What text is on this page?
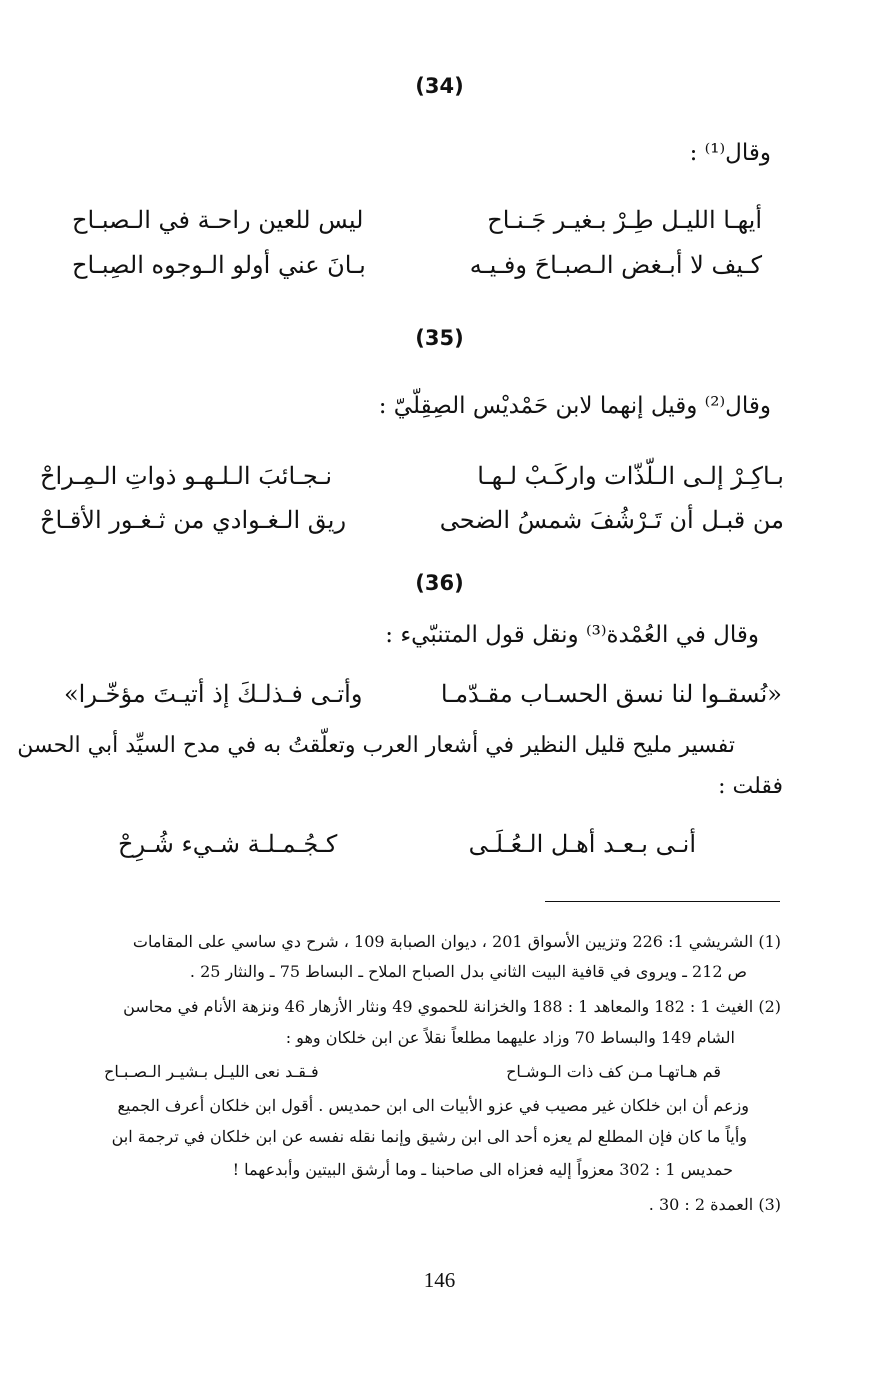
(34)
وقال⁽¹⁾ :
أيهـا الليـل طِـرْ بـغيـر جَـنـاح
ليس للعين راحـة في الـصبـاح
كـيف لا أبـغض الـصبـاحَ وفـيـه
بـانَ عني أولو الـوجوه الصِبـاح
(35)
وقال⁽²⁾ وقيل إنهما لابن حَمْديْس الصِقِلّيّ :
بـاكِـرْ إلـى الـلّذّات واركَـبْ لـهـا
نـجـائبَ الـلـهـو ذواتِ الـمِـراحْ
من قبـل أن تَـرْشُفَ شمسُ الضحى
ريق الـغـوادي من ثـغـور الأقـاحْ
(36)
وقال في العُمْدة⁽³⁾ ونقل قول المتنبّيء :
«نُسقـوا لنا نسق الحسـاب مقـدّمـا
وأتـى فـذلـكَ إذ أتيـتَ مؤخّـرا»
تفسير مليح قليل النظير في أشعار العرب وتعلّقتُ به في مدح السيِّد أبي الحسن
فقلت :
أنـى بـعـد أهـل الـعُـلَـى
كـجُـمـلـة شـيء شُـرِحْ
(1) الشريشي 1: 226 وتزيين الأسواق 201 ، ديوان الصبابة 109 ، شرح دي ساسي على المقامات
ص 212 ـ ويروى في قافية البيت الثاني بدل الصباح الملاح ـ البساط 75 ـ والنثار 25 .
(2) الغيث 1 : 182 والمعاهد 1 : 188 والخزانة للحموي 49 ونثار الأزهار 46 ونزهة الأنام في محاسن
الشام 149 والبساط 70 وزاد عليهما مطلعاً نقلاً عن ابن خلكان وهو :
قم هـاتهـا مـن كف ذات الـوشـاح
فـقـد نعى الليـل بـشيـر الـصـبـاح
وزعم أن ابن خلكان غير مصيب في عزو الأبيات الى ابن حمديس . أقول ابن خلكان أعرف الجميع
وأياً ما كان فإن المطلع لم يعزه أحد الى ابن رشيق وإنما نقله نفسه عن ابن خلكان في ترجمة ابن
حمديس 1 : 302 معزواً إليه فعزاه الى صاحبنا ـ وما أرشق البيتين وأبدعهما !
(3) العمدة 2 : 30 .
146
